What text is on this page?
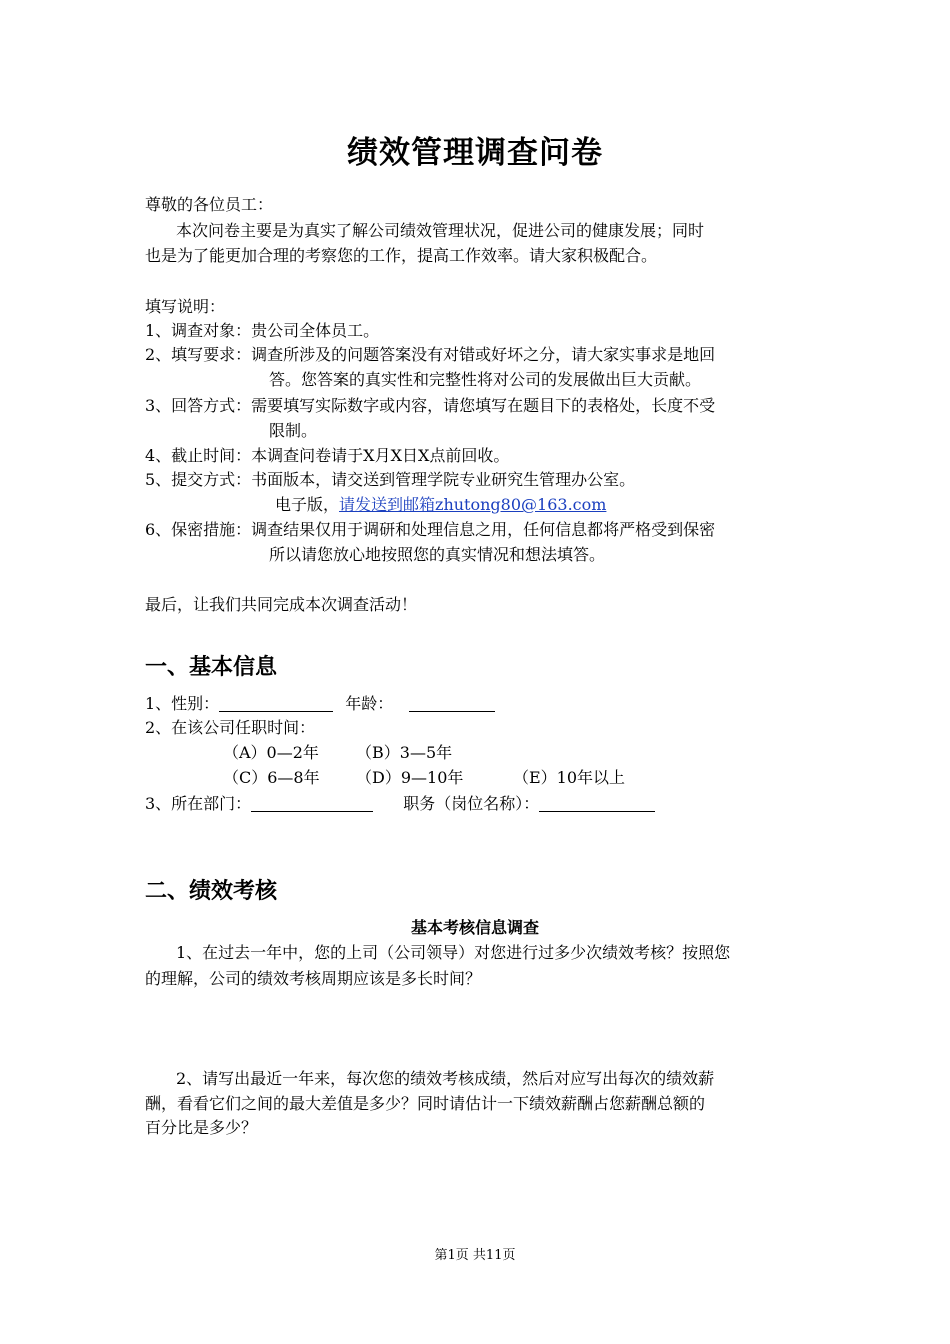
绩效管理调查问卷
尊敬的各位员工：
本次问卷主要是为真实了解公司绩效管理状况，促进公司的健康发展；同时
也是为了能更加合理的考察您的工作，提高工作效率。请大家积极配合。
填写说明：
1、调查对象：贵公司全体员工。
2、填写要求：调查所涉及的问题答案没有对错或好坏之分，请大家实事求是地回
答。您答案的真实性和完整性将对公司的发展做出巨大贡献。
3、回答方式：需要填写实际数字或内容，请您填写在题目下的表格处，长度不受
限制。
4、截止时间：本调查问卷请于X月X日X点前回收。
5、提交方式：书面版本，请交送到管理学院专业研究生管理办公室。
电子版，请发送到邮箱zhutong80@163.com
6、保密措施：调查结果仅用于调研和处理信息之用，任何信息都将严格受到保密
所以请您放心地按照您的真实情况和想法填答。
最后，让我们共同完成本次调查活动！
一、基本信息
1、性别：	年龄：
2、在该公司任职时间：
（A）0—2年 （B）3—5年
（C）6—8年 （D）9—10年	（E）10年以上
3、所在部门：	职务（岗位名称）：
二、绩效考核
基本考核信息调查
1、在过去一年中，您的上司（公司领导）对您进行过多少次绩效考核？按照您
的理解，公司的绩效考核周期应该是多长时间？
2、请写出最近一年来，每次您的绩效考核成绩，然后对应写出每次的绩效薪
酬，看看它们之间的最大差值是多少？同时请估计一下绩效薪酬占您薪酬总额的
百分比是多少？
第1页 共11页
